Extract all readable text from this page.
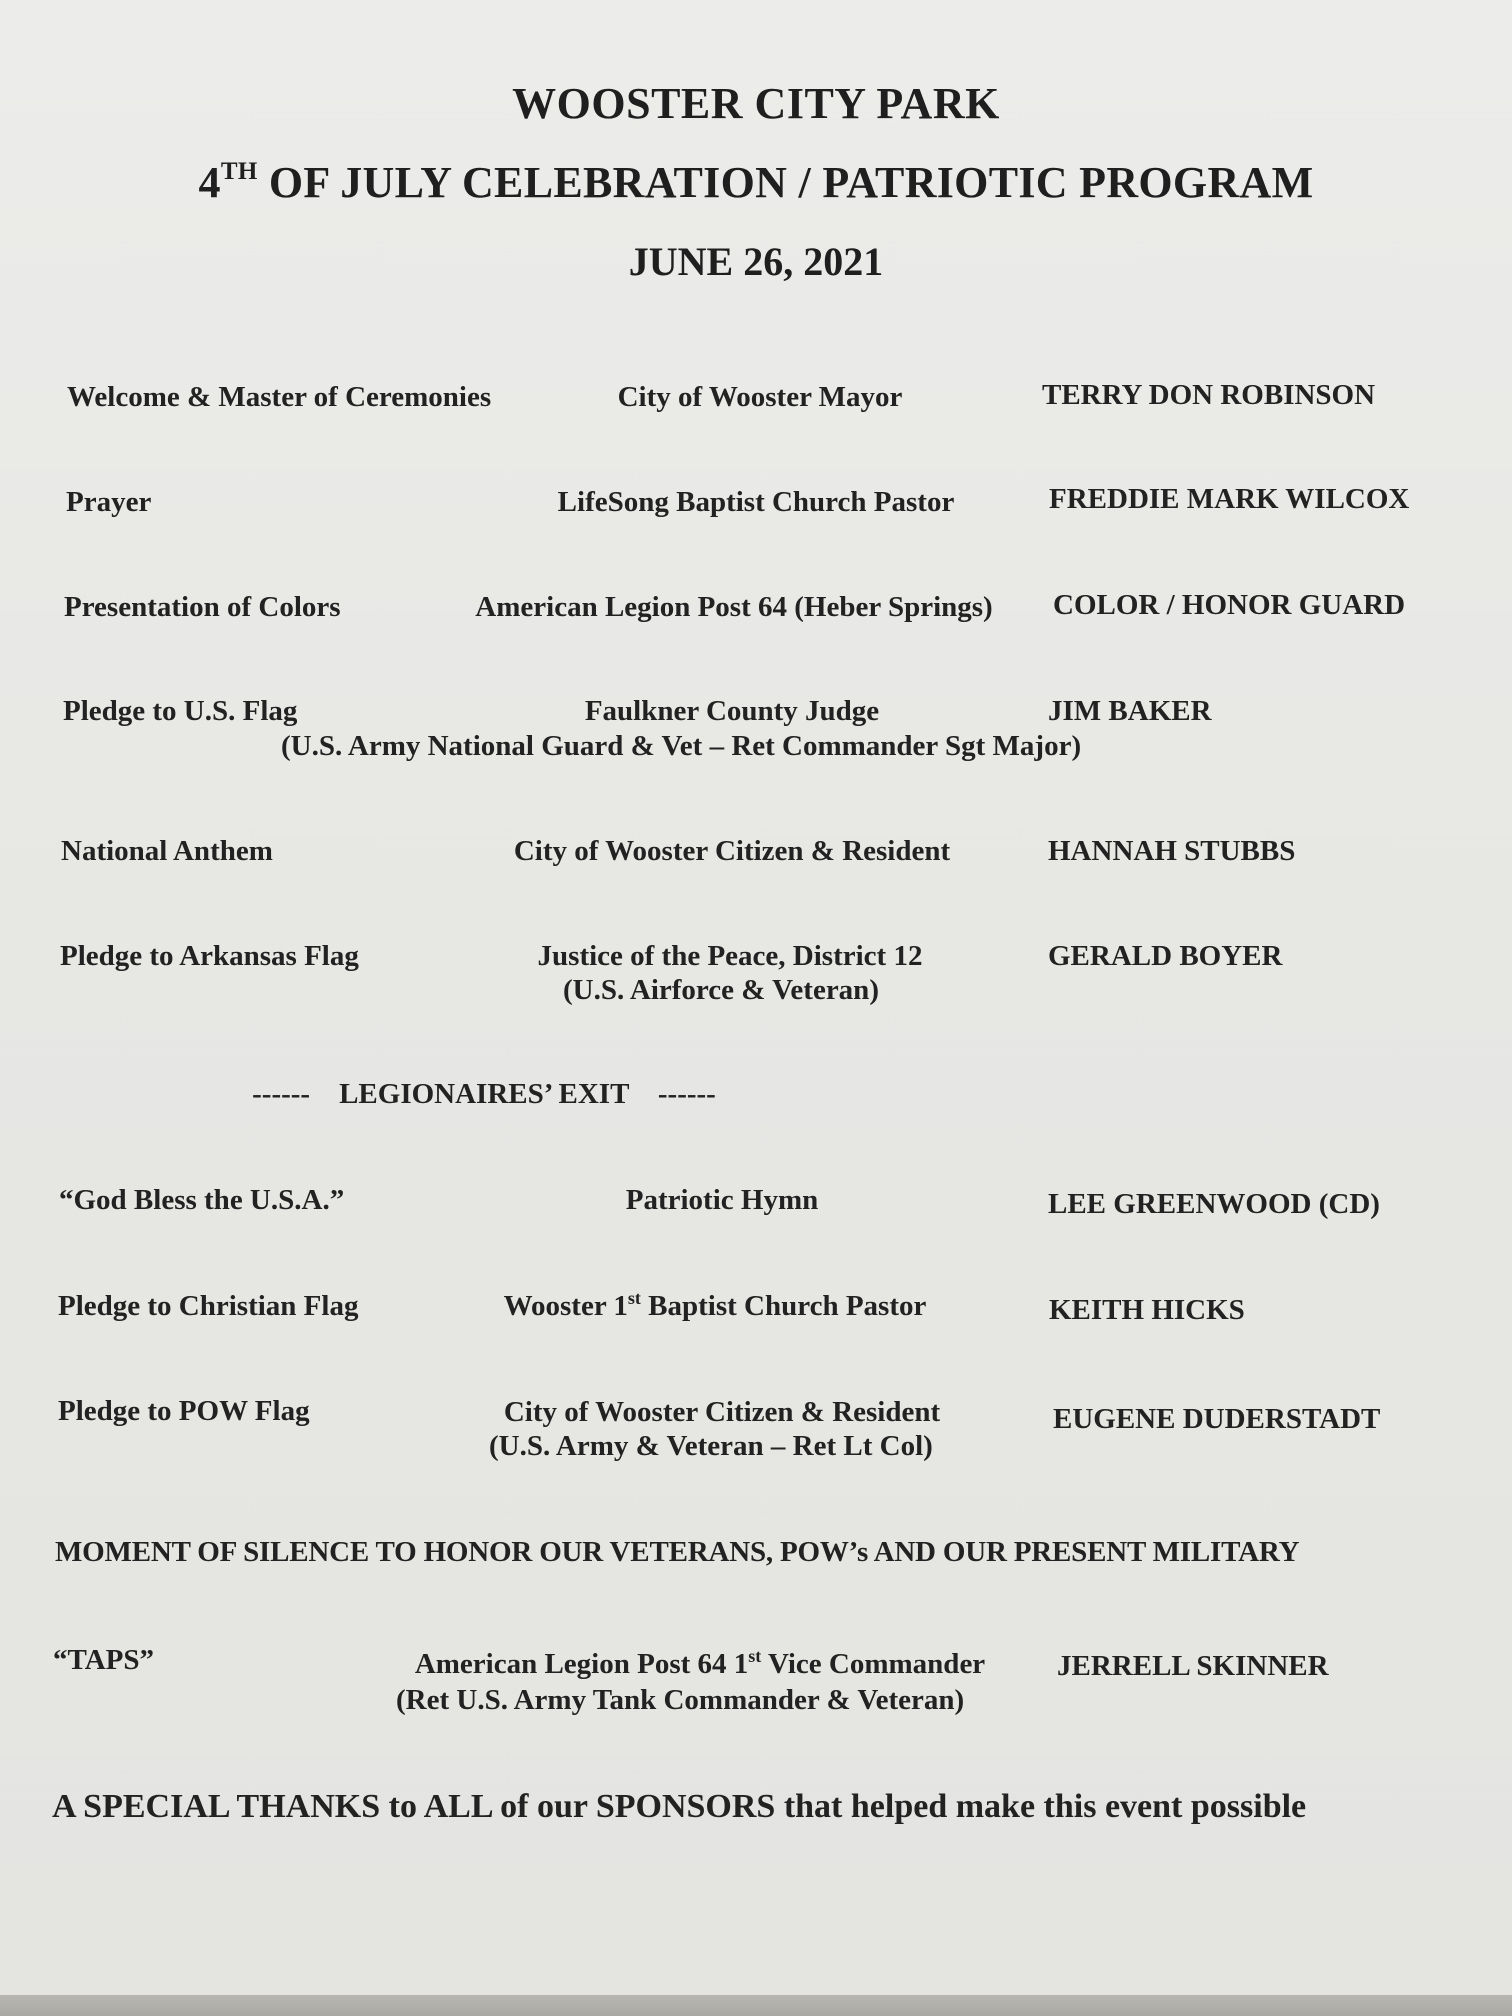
WOOSTER CITY PARK
4TH OF JULY CELEBRATION / PATRIOTIC PROGRAM
JUNE 26, 2021
Welcome & Master of Ceremonies	City of Wooster Mayor	TERRY DON ROBINSON
Prayer	LifeSong Baptist Church Pastor	FREDDIE MARK WILCOX
Presentation of Colors	American Legion Post 64 (Heber Springs)	COLOR / HONOR GUARD
Pledge to U.S. Flag	Faulkner County Judge	JIM BAKER
(U.S. Army National Guard & Vet – Ret Commander Sgt Major)
National Anthem	City of Wooster Citizen & Resident	HANNAH STUBBS
Pledge to Arkansas Flag	Justice of the Peace, District 12	GERALD BOYER
(U.S. Airforce & Veteran)
------    LEGIONAIRES’ EXIT    ------
“God Bless the U.S.A.”	Patriotic Hymn	LEE GREENWOOD (CD)
Pledge to Christian Flag	Wooster 1st Baptist Church Pastor	KEITH HICKS
Pledge to POW Flag	City of Wooster Citizen & Resident	EUGENE DUDERSTADT
(U.S. Army & Veteran – Ret Lt Col)
MOMENT OF SILENCE TO HONOR OUR VETERANS, POW’s AND OUR PRESENT MILITARY
“TAPS”	American Legion Post 64 1st Vice Commander	JERRELL SKINNER
(Ret U.S. Army Tank Commander & Veteran)
A SPECIAL THANKS to ALL of our SPONSORS that helped make this event possible
